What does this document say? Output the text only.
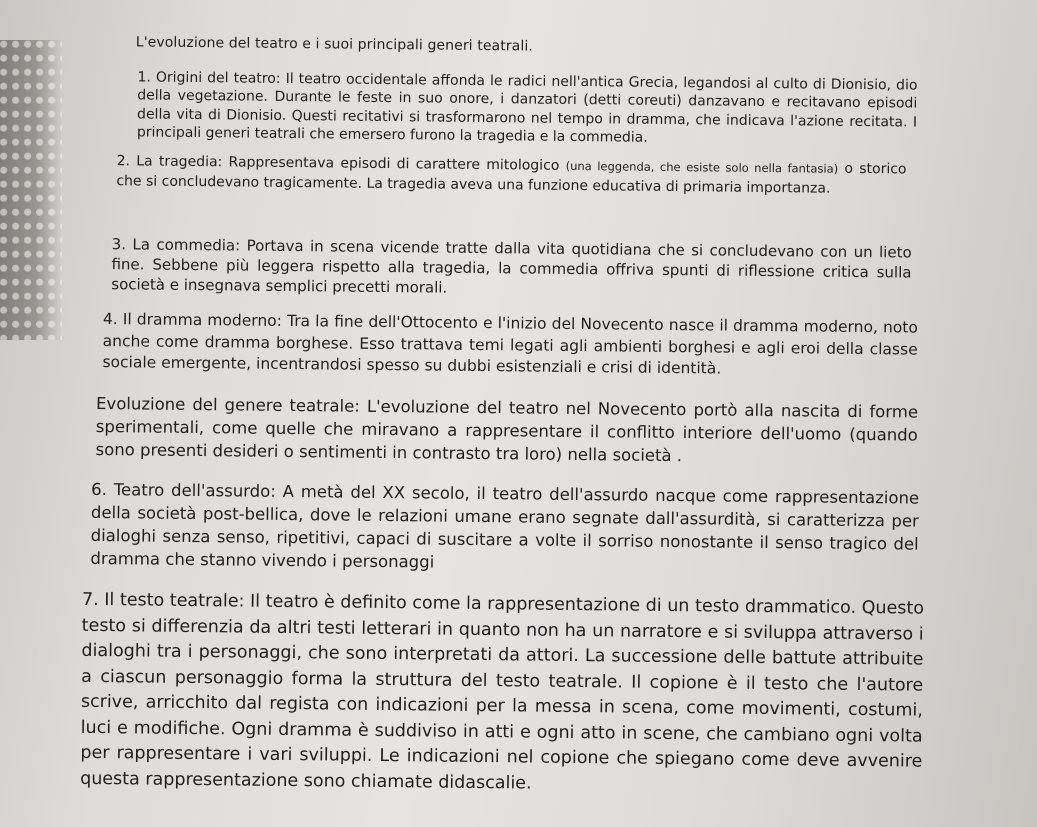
L'evoluzione del teatro e i suoi principali generi teatrali.

1. Origini del teatro: Il teatro occidentale affonda le radici nell'antica Grecia, legandosi al culto di Dionisio, dio della vegetazione. Durante le feste in suo onore, i danzatori (detti coreuti) danzavano e recitavano episodi della vita di Dionisio. Questi recitativi si trasformarono nel tempo in dramma, che indicava l'azione recitata. I principali generi teatrali che emersero furono la tragedia e la commedia.

2. La tragedia: Rappresentava episodi di carattere mitologico (una leggenda, che esiste solo nella fantasia) o storico che si concludevano tragicamente. La tragedia aveva una funzione educativa di primaria importanza.

3. La commedia: Portava in scena vicende tratte dalla vita quotidiana che si concludevano con un lieto fine. Sebbene più leggera rispetto alla tragedia, la commedia offriva spunti di riflessione critica sulla società e insegnava semplici precetti morali.

4. Il dramma moderno: Tra la fine dell'Ottocento e l'inizio del Novecento nasce il dramma moderno, noto anche come dramma borghese. Esso trattava temi legati agli ambienti borghesi e agli eroi della classe sociale emergente, incentrandosi spesso su dubbi esistenziali e crisi di identità.

Evoluzione del genere teatrale: L'evoluzione del teatro nel Novecento portò alla nascita di forme sperimentali, come quelle che miravano a rappresentare il conflitto interiore dell'uomo (quando sono presenti desideri o sentimenti in contrasto tra loro) nella società .

6. Teatro dell'assurdo: A metà del XX secolo, il teatro dell'assurdo nacque come rappresentazione della società post-bellica, dove le relazioni umane erano segnate dall'assurdità, si caratterizza per dialoghi senza senso, ripetitivi, capaci di suscitare a volte il sorriso nonostante il senso tragico del dramma che stanno vivendo i personaggi

7. Il testo teatrale: Il teatro è definito come la rappresentazione di un testo drammatico. Questo testo si differenzia da altri testi letterari in quanto non ha un narratore e si sviluppa attraverso i dialoghi tra i personaggi, che sono interpretati da attori. La successione delle battute attribuite a ciascun personaggio forma la struttura del testo teatrale. Il copione è il testo che l'autore scrive, arricchito dal regista con indicazioni per la messa in scena, come movimenti, costumi, luci e modifiche. Ogni dramma è suddiviso in atti e ogni atto in scene, che cambiano ogni volta per rappresentare i vari sviluppi. Le indicazioni nel copione che spiegano come deve avvenire questa rappresentazione sono chiamate didascalie.
